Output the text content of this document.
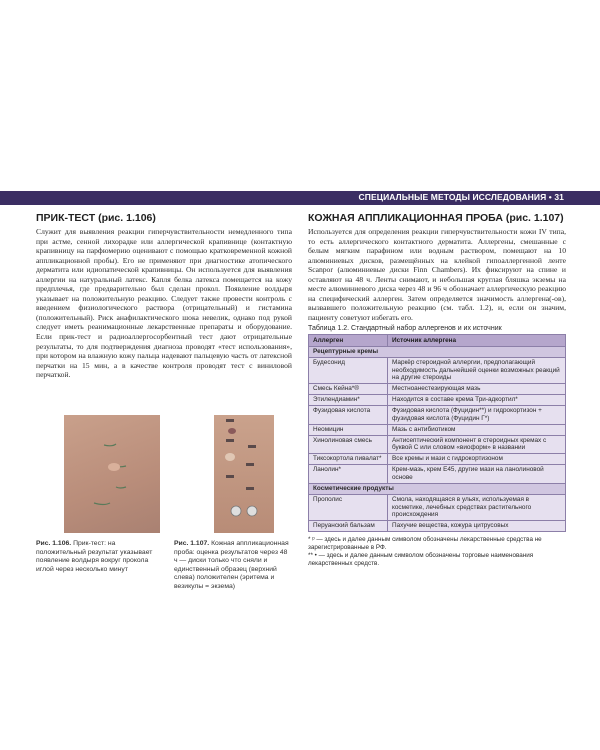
СПЕЦИАЛЬНЫЕ МЕТОДЫ ИССЛЕДОВАНИЯ • 31
ПРИК-ТЕСТ (рис. 1.106)

Служит для выявления реакции гиперчувствительности немедленного типа при астме, сенной лихорадке или аллергической крапивнице (контактную крапивницу на парфюмерию оценивают с помощью кратковременной кожной аппликационной пробы). Его не применяют при диагностике атопического дерматита или идиопатической крапивницы. Он используется для выявления аллергии на натуральный латекс. Капля белка латекса помещается на кожу предплечья, где предварительно был сделан прокол. Появление волдыря указывает на положительную реакцию. Следует также провести контроль с введением физиологического раствора (отрицательный) и гистамина (положительный). Риск анафилактического шока невелик, однако под рукой следует иметь реанимационные лекарственные препараты и оборудование. Если прик-тест и радиоаллергосорбентный тест дают отрицательные результаты, то для подтверждения диагноза проводят «тест использования», при котором на влажную кожу пальца надевают пальцевую часть от латексной перчатки на 15 мин, а в качестве контроля проводят тест с виниловой перчаткой.

Рис. 1.106. Прик-тест: на положительный результат указывает появление волдыря вокруг прокола иглой через несколько минут
Рис. 1.107. Кожная аппликационная проба: оценка результатов через 48 ч — диски только что сняли и единственный образец (верхний слева) положителен (эритема и везикулы = экзема)
КОЖНАЯ АППЛИКАЦИОННАЯ ПРОБА (рис. 1.107)

Используется для определения реакции гиперчувствительности кожи IV типа, то есть аллергического контактного дерматита. Аллергены, смешанные с белым мягким парафином или водным раствором, помещают на 10 алюминиевых дисков, размещённых на клейкой гипоаллергенной ленте Scanpor (алюминиевые диски Finn Chambers). Их фиксируют на спине и оставляют на 48 ч. Ленты снимают, и небольшая круглая бляшка экземы на месте алюминиевого диска через 48 и 96 ч обозначает аллергическую реакцию на специфический аллерген. Затем определяется значимость аллергена(-ов), вызвавшего положительную реакцию (см. табл. 1.2), и, если он значим, пациенту советуют избегать его.

Таблица 1.2. Стандартный набор аллергенов и их источник
Аллерген	Источник аллергена
Рецептурные кремы	
Будесонид	Маркёр стероидной аллергии, предполагающий необходимость дальнейшей оценки возможных реакций на другие стероиды
Смесь Кейна*®	Местноанестезирующая мазь
Этилендиамин*	Находится в составе крема Три-адкортил*
Фузидовая кислота	Фузидовая кислота (Фуцидин**) и гидрокортизон + фузидовая кислота (Фуцидин Г*)
Неомицин	Мазь с антибиотиком
Хинолиновая смесь	Антисептический компонент в стероидных кремах с буквой С или словом «виоформ» в названии
Тиксокортола пивалат*	Все кремы и мази с гидрокортизоном
Ланолин*	Крем-мазь, крем E45, другие мази на ланолиновой основе
Косметические продукты	
Прополис	Смола, находящаяся в ульях, используемая в косметике, лечебных средствах растительного происхождения
Перуанский бальзам	Пахучие вещества, кожура цитрусовых
* ᵖ — здесь и далее данным символом обозначены лекарственные средства не зарегистрированные в РФ.
** • — здесь и далее данным символом обозначены торговые наименования лекарственных средств.
